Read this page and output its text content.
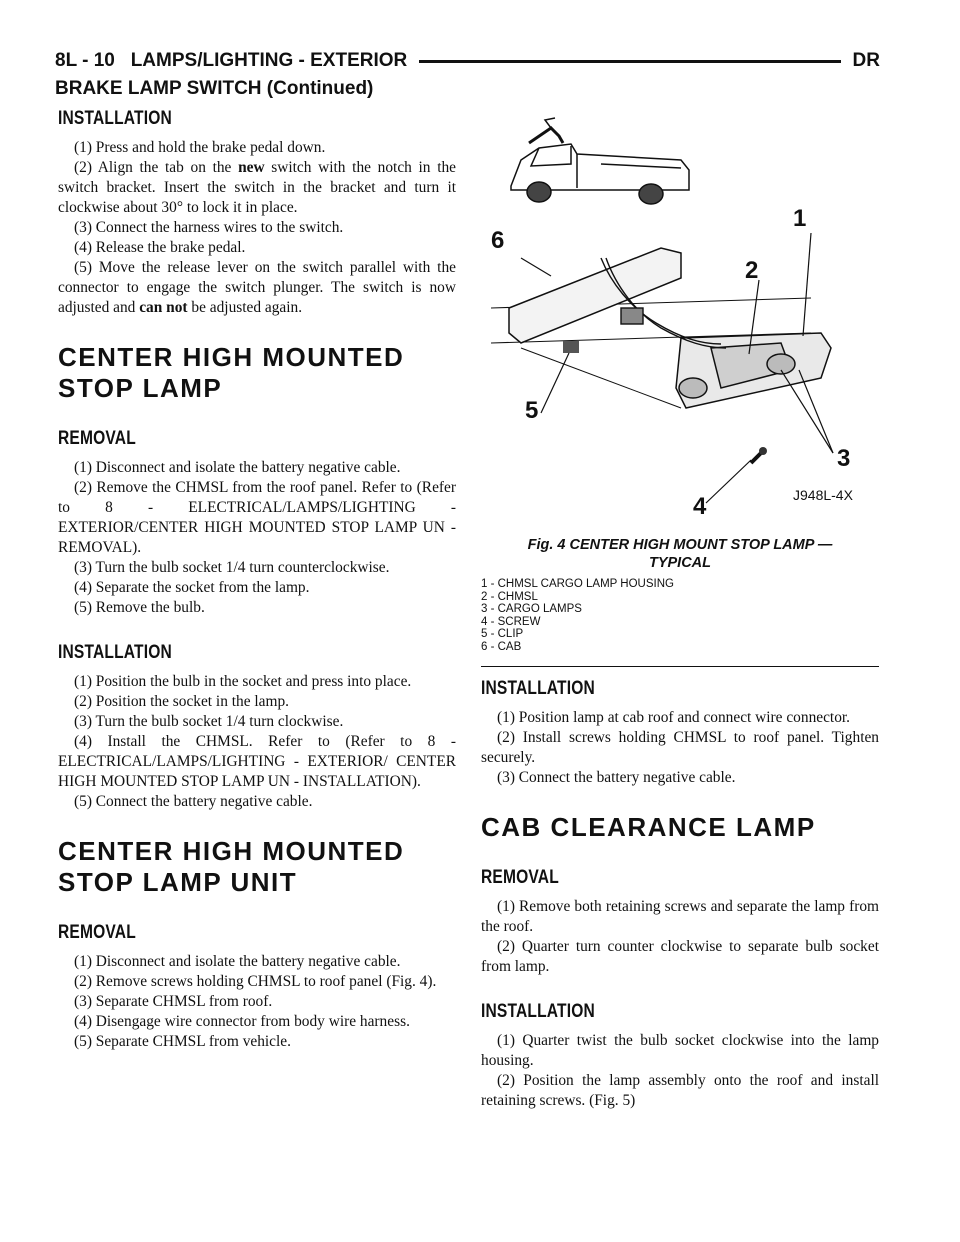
8L - 10 LAMPS/LIGHTING - EXTERIOR	DR
BRAKE LAMP SWITCH (Continued)
INSTALLATION

(1) Press and hold the brake pedal down.

(2) Align the tab on the new switch with the notch in the switch bracket. Insert the switch in the bracket and turn it clockwise about 30° to lock it in place.

(3) Connect the harness wires to the switch.

(4) Release the brake pedal.

(5) Move the release lever on the switch parallel with the connector to engage the switch plunger. The switch is now adjusted and can not be adjusted again.

CENTER HIGH MOUNTED
STOP LAMP
REMOVAL

(1) Disconnect and isolate the battery negative cable.

(2) Remove the CHMSL from the roof panel. Refer to (Refer to 8 - ELECTRICAL/LAMPS/LIGHTING - EXTERIOR/CENTER HIGH MOUNTED STOP LAMP UN - REMOVAL).

(3) Turn the bulb socket 1/4 turn counterclockwise.

(4) Separate the socket from the lamp.

(5) Remove the bulb.

INSTALLATION

(1) Position the bulb in the socket and press into place.

(2) Position the socket in the lamp.

(3) Turn the bulb socket 1/4 turn clockwise.

(4) Install the CHMSL. Refer to (Refer to 8 - ELECTRICAL/LAMPS/LIGHTING - EXTERIOR/ CENTER HIGH MOUNTED STOP LAMP UN - INSTALLATION).

(5) Connect the battery negative cable.

CENTER HIGH MOUNTED
STOP LAMP UNIT
REMOVAL

(1) Disconnect and isolate the battery negative cable.

(2) Remove screws holding CHMSL to roof panel (Fig. 4).

(3) Separate CHMSL from roof.

(4) Disengage wire connector from body wire harness.

(5) Separate CHMSL from vehicle.

1
2
3
4
5
6
J948L-4X
Fig. 4 CENTER HIGH MOUNT STOP LAMP —
TYPICAL
1 - CHMSL CARGO LAMP HOUSING
2 - CHMSL
3 - CARGO LAMPS
4 - SCREW
5 - CLIP
6 - CAB
INSTALLATION

(1) Position lamp at cab roof and connect wire connector.

(2) Install screws holding CHMSL to roof panel. Tighten securely.

(3) Connect the battery negative cable.

CAB CLEARANCE LAMP
REMOVAL

(1) Remove both retaining screws and separate the lamp from the roof.

(2) Quarter turn counter clockwise to separate bulb socket from lamp.

INSTALLATION

(1) Quarter twist the bulb socket clockwise into the lamp housing.

(2) Position the lamp assembly onto the roof and install retaining screws. (Fig. 5)
